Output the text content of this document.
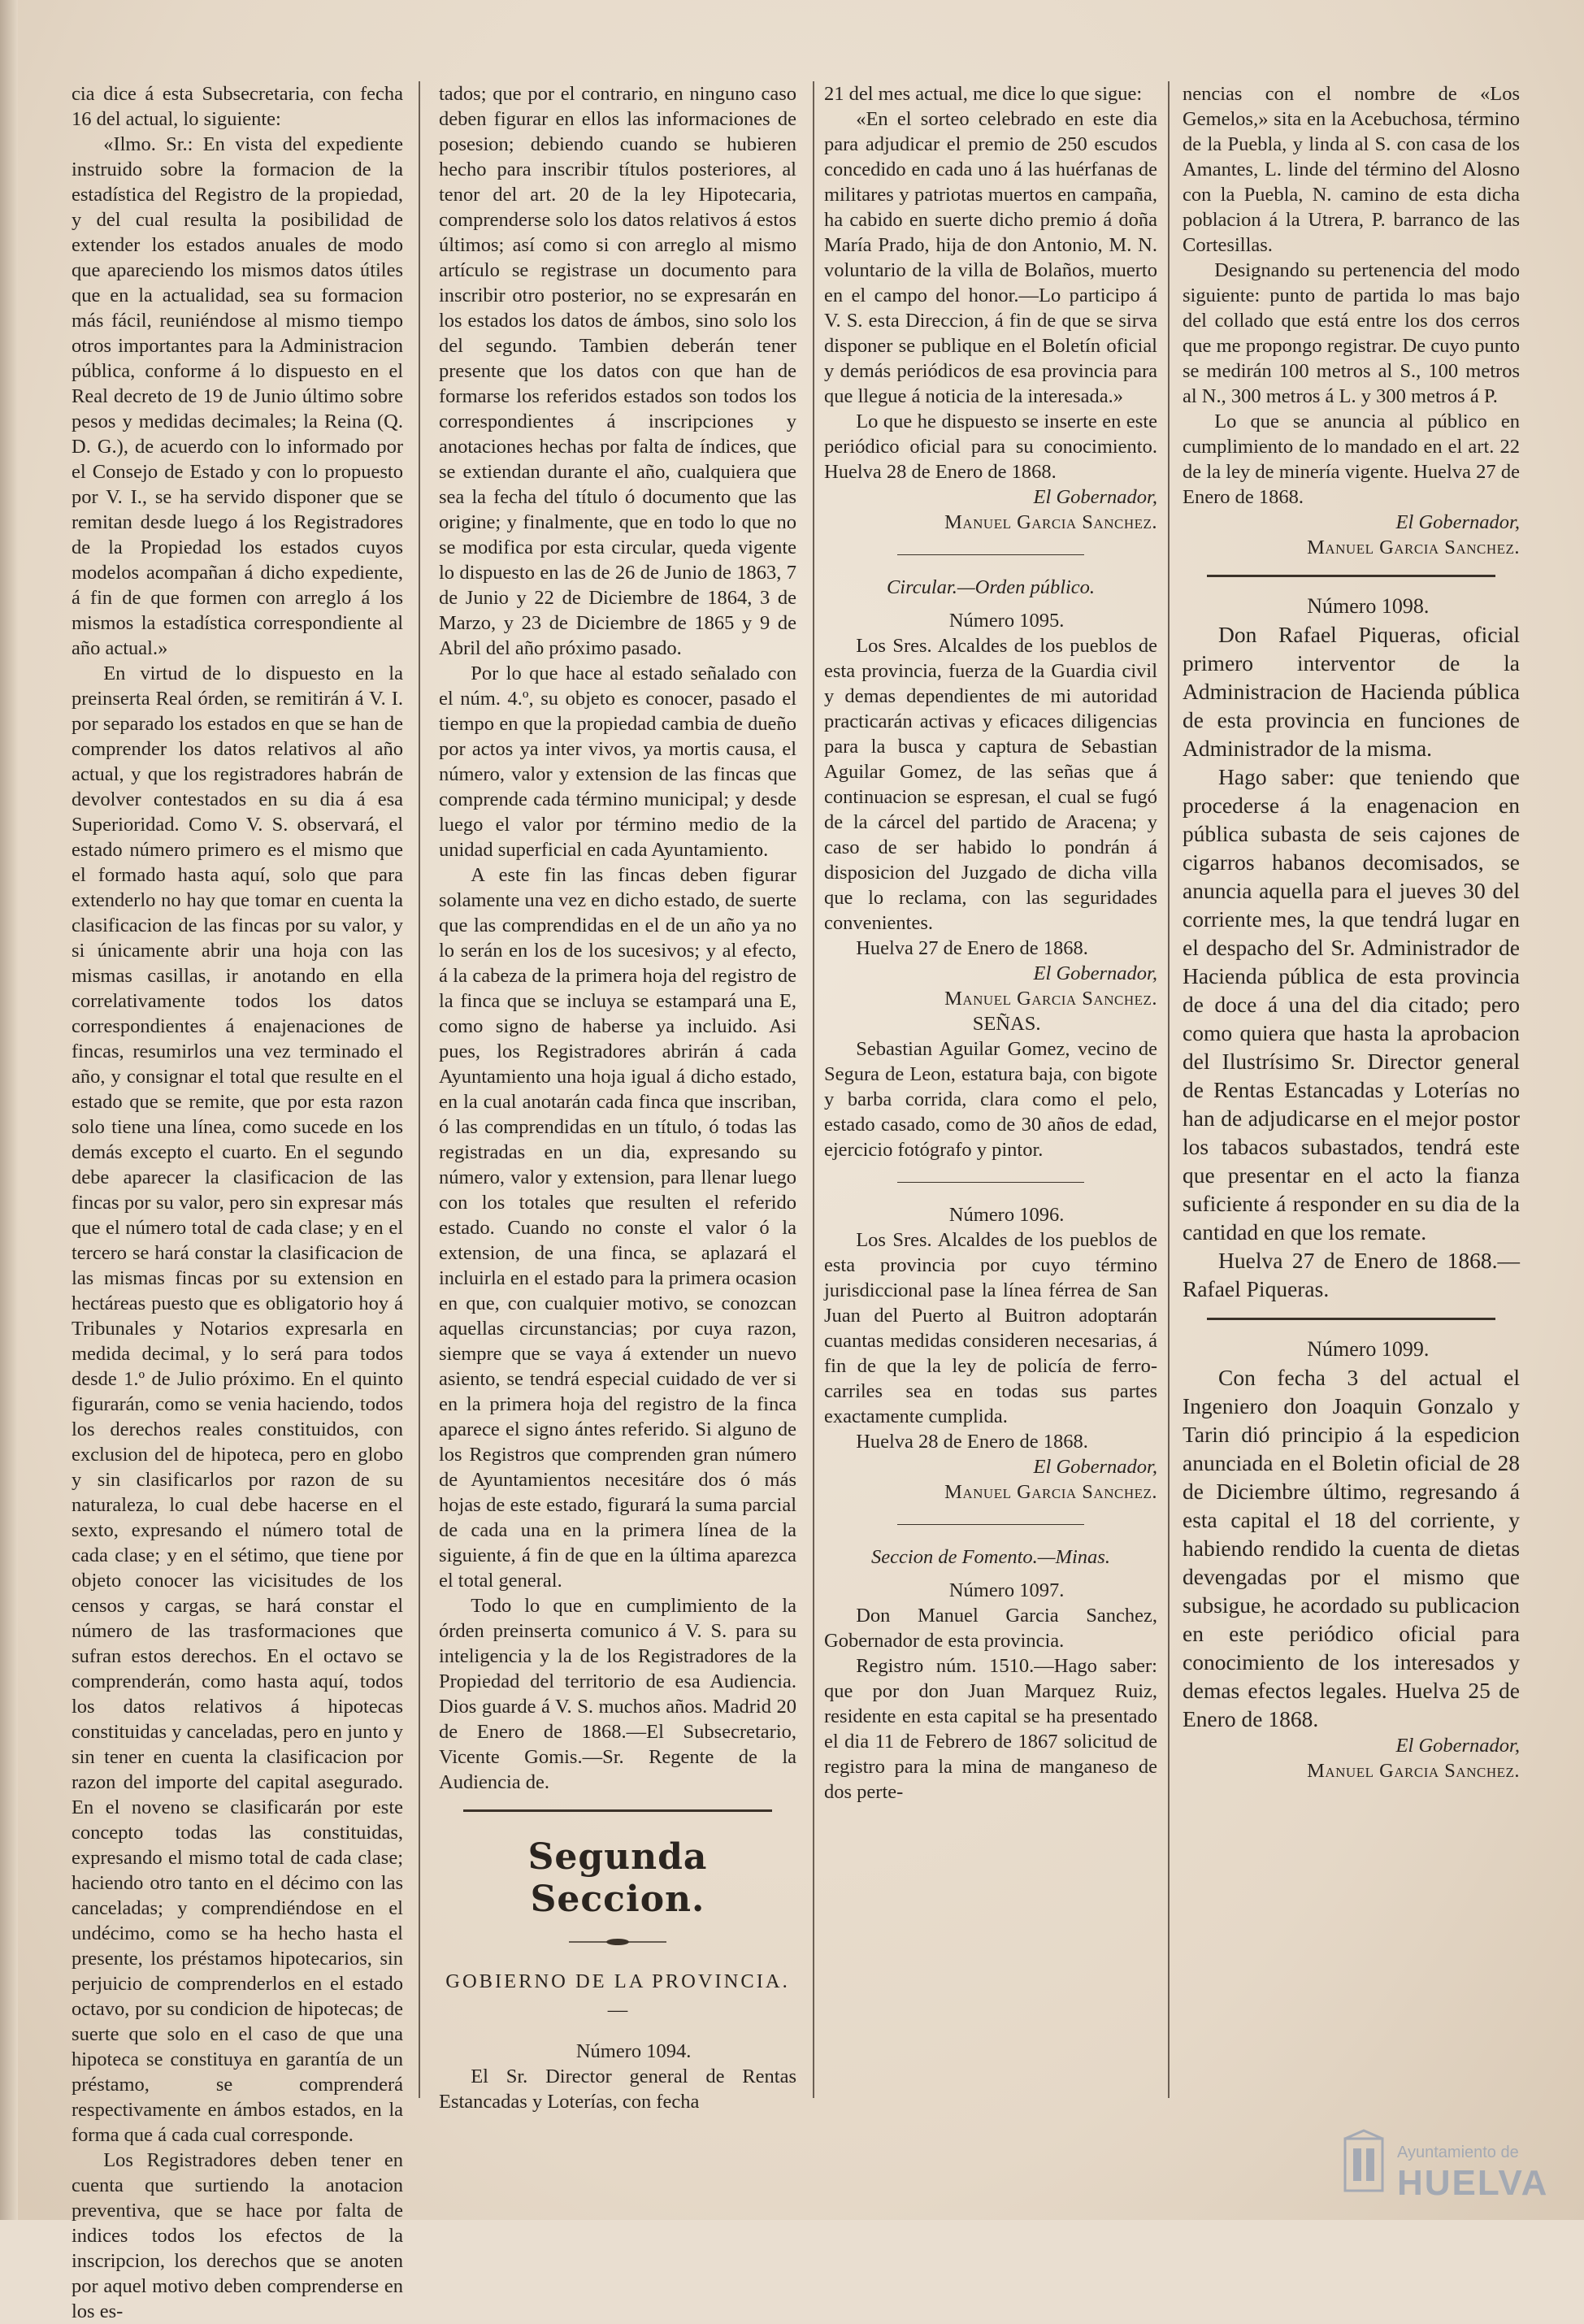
cia dice á esta Subsecretaria, con fecha 16 del actual, lo siguiente:

«Ilmo. Sr.: En vista del expediente instruido sobre la formacion de la estadística del Registro de la propiedad, y del cual resulta la posibilidad de extender los estados anuales de modo que apareciendo los mismos datos útiles que en la actualidad, sea su formacion más fácil, reuniéndose al mismo tiempo otros importantes para la Administracion pública, conforme á lo dispuesto en el Real decreto de 19 de Junio último sobre pesos y medidas decimales; la Reina (Q. D. G.), de acuerdo con lo informado por el Consejo de Estado y con lo propuesto por V. I., se ha servido disponer que se remitan desde luego á los Registradores de la Propiedad los estados cuyos modelos acompañan á dicho expediente, á fin de que formen con arreglo á los mismos la estadística correspondiente al año actual.»

En virtud de lo dispuesto en la preinserta Real órden, se remitirán á V. I. por separado los estados en que se han de comprender los datos relativos al año actual, y que los registradores habrán de devolver contestados en su dia á esa Superioridad. Como V. S. observará, el estado número primero es el mismo que el formado hasta aquí, solo que para extenderlo no hay que tomar en cuenta la clasificacion de las fincas por su valor, y si únicamente abrir una hoja con las mismas casillas, ir anotando en ella correlativamente todos los datos correspondientes á enajenaciones de fincas, resumirlos una vez terminado el año, y consignar el total que resulte en el estado que se remite, que por esta razon solo tiene una línea, como sucede en los demás excepto el cuarto. En el segundo debe aparecer la clasificacion de las fincas por su valor, pero sin expresar más que el número total de cada clase; y en el tercero se hará constar la clasificacion de las mismas fincas por su extension en hectáreas puesto que es obligatorio hoy á Tribunales y Notarios expresarla en medida decimal, y lo será para todos desde 1.º de Julio próximo. En el quinto figurarán, como se venia haciendo, todos los derechos reales constituidos, con exclusion del de hipoteca, pero en globo y sin clasificarlos por razon de su naturaleza, lo cual debe hacerse en el sexto, expresando el número total de cada clase; y en el sétimo, que tiene por objeto conocer las vicisitudes de los censos y cargas, se hará constar el número de las trasformaciones que sufran estos derechos. En el octavo se comprenderán, como hasta aquí, todos los datos relativos á hipotecas constituidas y canceladas, pero en junto y sin tener en cuenta la clasificacion por razon del importe del capital asegurado. En el noveno se clasificarán por este concepto todas las constituidas, expresando el mismo total de cada clase; haciendo otro tanto en el décimo con las canceladas; y comprendiéndose en el undécimo, como se ha hecho hasta el presente, los préstamos hipotecarios, sin perjuicio de comprenderlos en el estado octavo, por su condicion de hipotecas; de suerte que solo en el caso de que una hipoteca se constituya en garantía de un préstamo, se comprenderá respectivamente en ámbos estados, en la forma que á cada cual corresponde.

Los Registradores deben tener en cuenta que surtiendo la anotacion preventiva, que se hace por falta de indices todos los efectos de la inscripcion, los derechos que se anoten por aquel motivo deben comprenderse en los es-

tados; que por el contrario, en ninguno caso deben figurar en ellos las informaciones de posesion; debiendo cuando se hubieren hecho para inscribir títulos posteriores, al tenor del art. 20 de la ley Hipotecaria, comprenderse solo los datos relativos á estos últimos; así como si con arreglo al mismo artículo se registrase un documento para inscribir otro posterior, no se expresarán en los estados los datos de ámbos, sino solo los del segundo. Tambien deberán tener presente que los datos con que han de formarse los referidos estados son todos los correspondientes á inscripciones y anotaciones hechas por falta de índices, que se extiendan durante el año, cualquiera que sea la fecha del título ó documento que las origine; y finalmente, que en todo lo que no se modifica por esta circular, queda vigente lo dispuesto en las de 26 de Junio de 1863, 7 de Junio y 22 de Diciembre de 1864, 3 de Marzo, y 23 de Diciembre de 1865 y 9 de Abril del año próximo pasado.

Por lo que hace al estado señalado con el núm. 4.º, su objeto es conocer, pasado el tiempo en que la propiedad cambia de dueño por actos ya inter vivos, ya mortis causa, el número, valor y extension de las fincas que comprende cada término municipal; y desde luego el valor por término medio de la unidad superficial en cada Ayuntamiento.

A este fin las fincas deben figurar solamente una vez en dicho estado, de suerte que las comprendidas en el de un año ya no lo serán en los de los sucesivos; y al efecto, á la cabeza de la primera hoja del registro de la finca que se incluya se estampará una E, como signo de haberse ya incluido. Asi pues, los Registradores abrirán á cada Ayuntamiento una hoja igual á dicho estado, en la cual anotarán cada finca que inscriban, ó las comprendidas en un título, ó todas las registradas en un dia, expresando su número, valor y extension, para llenar luego con los totales que resulten el referido estado. Cuando no conste el valor ó la extension, de una finca, se aplazará el incluirla en el estado para la primera ocasion en que, con cualquier motivo, se conozcan aquellas circunstancias; por cuya razon, siempre que se vaya á extender un nuevo asiento, se tendrá especial cuidado de ver si en la primera hoja del registro de la finca aparece el signo ántes referido. Si alguno de los Registros que comprenden gran número de Ayuntamientos necesitáre dos ó más hojas de este estado, figurará la suma parcial de cada una en la primera línea de la siguiente, á fin de que en la última aparezca el total general.

Todo lo que en cumplimiento de la órden preinserta comunico á V. S. para su inteligencia y la de los Registradores de la Propiedad del territorio de esa Audiencia. Dios guarde á V. S. muchos años. Madrid 20 de Enero de 1868.—El Subsecretario, Vicente Gomis.—Sr. Regente de la Audiencia de.

Segunda Seccion.
GOBIERNO DE LA PROVINCIA.
—

Número 1094.

El Sr. Director general de Rentas Estancadas y Loterías, con fecha

21 del mes actual, me dice lo que sigue:

«En el sorteo celebrado en este dia para adjudicar el premio de 250 escudos concedido en cada uno á las huérfanas de militares y patriotas muertos en campaña, ha cabido en suerte dicho premio á doña María Prado, hija de don Antonio, M. N. voluntario de la villa de Bolaños, muerto en el campo del honor.—Lo participo á V. S. esta Direccion, á fin de que se sirva disponer se publique en el Boletín oficial y demás periódicos de esa provincia para que llegue á noticia de la interesada.»

Lo que he dispuesto se inserte en este periódico oficial para su conocimiento. Huelva 28 de Enero de 1868.

El Gobernador,

Manuel Garcia Sanchez.

Circular.—Orden público.

Número 1095.

Los Sres. Alcaldes de los pueblos de esta provincia, fuerza de la Guardia civil y demas dependientes de mi autoridad practicarán activas y eficaces diligencias para la busca y captura de Sebastian Aguilar Gomez, de las señas que á continuacion se espresan, el cual se fugó de la cárcel del partido de Aracena; y caso de ser habido lo pondrán á disposicion del Juzgado de dicha villa que lo reclama, con las seguridades convenientes.

Huelva 27 de Enero de 1868.

El Gobernador,

Manuel Garcia Sanchez.

SEÑAS.

Sebastian Aguilar Gomez, vecino de Segura de Leon, estatura baja, con bigote y barba corrida, clara como el pelo, estado casado, como de 30 años de edad, ejercicio fotógrafo y pintor.

Número 1096.

Los Sres. Alcaldes de los pueblos de esta provincia por cuyo término jurisdiccional pase la línea férrea de San Juan del Puerto al Buitron adoptarán cuantas medidas consideren necesarias, á fin de que la ley de policía de ferro-carriles sea en todas sus partes exactamente cumplida.

Huelva 28 de Enero de 1868.

El Gobernador,

Manuel Garcia Sanchez.

Seccion de Fomento.—Minas.

Número 1097.

Don Manuel Garcia Sanchez, Gobernador de esta provincia.

Registro núm. 1510.—Hago saber: que por don Juan Marquez Ruiz, residente en esta capital se ha presentado el dia 11 de Febrero de 1867 solicitud de registro para la mina de manganeso de dos perte-

nencias con el nombre de «Los Gemelos,» sita en la Acebuchosa, término de la Puebla, y linda al S. con casa de los Amantes, L. linde del término del Alosno con la Puebla, N. camino de esta dicha poblacion á la Utrera, P. barranco de las Cortesillas.

Designando su pertenencia del modo siguiente: punto de partida lo mas bajo del collado que está entre los dos cerros que me propongo registrar. De cuyo punto se medirán 100 metros al S., 100 metros al N., 300 metros á L. y 300 metros á P.

Lo que se anuncia al público en cumplimiento de lo mandado en el art. 22 de la ley de minería vigente. Huelva 27 de Enero de 1868.

El Gobernador,

Manuel Garcia Sanchez.

Número 1098.

Don Rafael Piqueras, oficial primero interventor de la Administracion de Hacienda pública de esta provincia en funciones de Administrador de la misma.

Hago saber: que teniendo que procederse á la enagenacion en pública subasta de seis cajones de cigarros habanos decomisados, se anuncia aquella para el jueves 30 del corriente mes, la que tendrá lugar en el despacho del Sr. Administrador de Hacienda pública de esta provincia de doce á una del dia citado; pero como quiera que hasta la aprobacion del Ilustrísimo Sr. Director general de Rentas Estancadas y Loterías no han de adjudicarse en el mejor postor los tabacos subastados, tendrá este que presentar en el acto la fianza suficiente á responder en su dia de la cantidad en que los remate.

Huelva 27 de Enero de 1868.—Rafael Piqueras.

Número 1099.

Con fecha 3 del actual el Ingeniero don Joaquin Gonzalo y Tarin dió principio á la espedicion anunciada en el Boletin oficial de 28 de Diciembre último, regresando á esta capital el 18 del corriente, y habiendo rendido la cuenta de dietas devengadas por el mismo que subsigue, he acordado su publicacion en este periódico oficial para conocimiento de los interesados y demas efectos legales. Huelva 25 de Enero de 1868.

El Gobernador,

Manuel Garcia Sanchez.

Ayuntamiento de
HUELVA
